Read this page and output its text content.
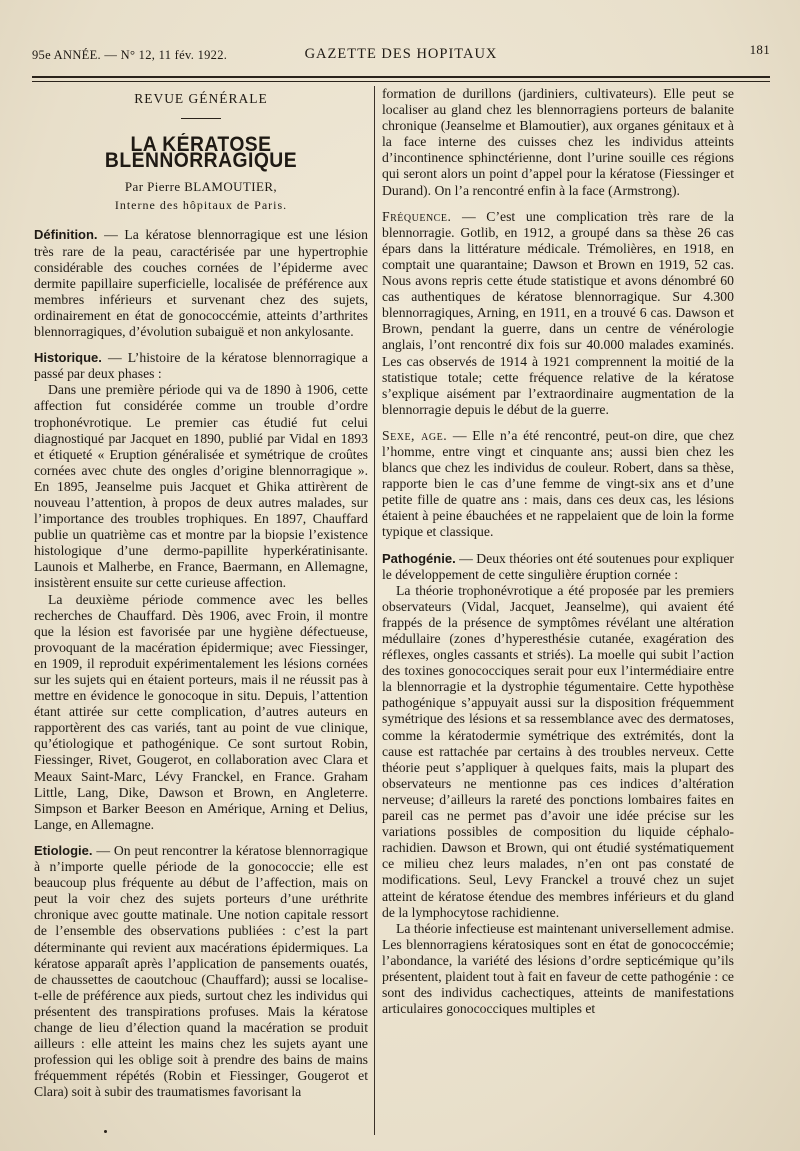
95e ANNÉE. — N° 12, 11 fév. 1922.	GAZETTE DES HOPITAUX	181
REVUE GÉNÉRALE
LA KÉRATOSE BLENNORRAGIQUE
Par Pierre BLAMOUTIER,
Interne des hôpitaux de Paris.

Définition. — La kératose blennorragique est une lésion très rare de la peau, caractérisée par une hypertrophie considérable des couches cornées de l’épiderme avec dermite papillaire superficielle, localisée de préférence aux membres inférieurs et survenant chez des sujets, ordinairement en état de gonococcémie, atteints d’arthrites blennorragiques, d’évolution subaiguë et non ankylosante.

Historique. — L’histoire de la kératose blennorragique a passé par deux phases :

Dans une première période qui va de 1890 à 1906, cette affection fut considérée comme un trouble d’ordre trophonévrotique. Le premier cas étudié fut celui diagnostiqué par Jacquet en 1890, publié par Vidal en 1893 et étiqueté « Eruption généralisée et symétrique de croûtes cornées avec chute des ongles d’origine blennorragique ». En 1895, Jeanselme puis Jacquet et Ghika attirèrent de nouveau l’attention, à propos de deux autres malades, sur l’importance des troubles trophiques. En 1897, Chauffard publie un quatrième cas et montre par la biopsie l’existence histologique d’une dermo-papillite hyperkératinisante. Launois et Malherbe, en France, Baermann, en Allemagne, insistèrent ensuite sur cette curieuse affection.

La deuxième période commence avec les belles recherches de Chauffard. Dès 1906, avec Froin, il montre que la lésion est favorisée par une hygiène défectueuse, provoquant de la macération épidermique; avec Fiessinger, en 1909, il reproduit expérimentalement les lésions cornées sur les sujets qui en étaient porteurs, mais il ne réussit pas à mettre en évidence le gonocoque in situ. Depuis, l’attention étant attirée sur cette complication, d’autres auteurs en rapportèrent des cas variés, tant au point de vue clinique, qu’étiologique et pathogénique. Ce sont surtout Robin, Fiessinger, Rivet, Gougerot, en collaboration avec Clara et Meaux Saint-Marc, Lévy Franckel, en France. Graham Little, Lang, Dike, Dawson et Brown, en Angleterre. Simpson et Barker Beeson en Amérique, Arning et Delius, Lange, en Allemagne.

Etiologie. — On peut rencontrer la kératose blennorragique à n’importe quelle période de la gonococcie; elle est beaucoup plus fréquente au début de l’affection, mais on peut la voir chez des sujets porteurs d’une uréthrite chronique avec goutte matinale. Une notion capitale ressort de l’ensemble des observations publiées : c’est la part déterminante qui revient aux macérations épidermiques. La kératose apparaît après l’application de pansements ouatés, de chaussettes de caoutchouc (Chauffard); aussi se localise-t-elle de préférence aux pieds, surtout chez les individus qui présentent des transpirations profuses. Mais la kératose change de lieu d’élection quand la macération se produit ailleurs : elle atteint les mains chez les sujets ayant une profession qui les oblige soit à prendre des bains de mains fréquemment répétés (Robin et Fiessinger, Gougerot et Clara) soit à subir des traumatismes favorisant la

formation de durillons (jardiniers, cultivateurs). Elle peut se localiser au gland chez les blennorragiens porteurs de balanite chronique (Jeanselme et Blamoutier), aux organes génitaux et à la face interne des cuisses chez les individus atteints d’incontinence sphinctérienne, dont l’urine souille ces régions qui seront alors un point d’appel pour la kératose (Fiessinger et Durand). On l’a rencontré enfin à la face (Armstrong).

Fréquence. — C’est une complication très rare de la blennorragie. Gotlib, en 1912, a groupé dans sa thèse 26 cas épars dans la littérature médicale. Trémolières, en 1918, en comptait une quarantaine; Dawson et Brown en 1919, 52 cas. Nous avons repris cette étude statistique et avons dénombré 60 cas authentiques de kératose blennorragique. Sur 4.300 blennorragiques, Arning, en 1911, en a trouvé 6 cas. Dawson et Brown, pendant la guerre, dans un centre de vénérologie anglais, l’ont rencontré dix fois sur 40.000 malades examinés. Les cas observés de 1914 à 1921 comprennent la moitié de la statistique totale; cette fréquence relative de la kératose s’explique aisément par l’extraordinaire augmentation de la blennorragie depuis le début de la guerre.

Sexe, age. — Elle n’a été rencontré, peut-on dire, que chez l’homme, entre vingt et cinquante ans; aussi bien chez les blancs que chez les individus de couleur. Robert, dans sa thèse, rapporte bien le cas d’une femme de vingt-six ans et d’une petite fille de quatre ans : mais, dans ces deux cas, les lésions étaient à peine ébauchées et ne rappelaient que de loin la forme typique et classique.

Pathogénie. — Deux théories ont été soutenues pour expliquer le développement de cette singulière éruption cornée :

La théorie trophonévrotique a été proposée par les premiers observateurs (Vidal, Jacquet, Jeanselme), qui avaient été frappés de la présence de symptômes révélant une altération médullaire (zones d’hyperesthésie cutanée, exagération des réflexes, ongles cassants et striés). La moelle qui subit l’action des toxines gonococciques serait pour eux l’intermédiaire entre la blennorragie et la dystrophie tégumentaire. Cette hypothèse pathogénique s’appuyait aussi sur la disposition fréquemment symétrique des lésions et sa ressemblance avec des dermatoses, comme la kératodermie symétrique des extrémités, dont la cause est rattachée par certains à des troubles nerveux. Cette théorie peut s’appliquer à quelques faits, mais la plupart des observateurs ne mentionne pas ces indices d’altération nerveuse; d’ailleurs la rareté des ponctions lombaires faites en pareil cas ne permet pas d’avoir une idée précise sur les variations possibles de composition du liquide céphalo-rachidien. Dawson et Brown, qui ont étudié systématiquement ce milieu chez leurs malades, n’en ont pas constaté de modifications. Seul, Levy Franckel a trouvé chez un sujet atteint de kératose étendue des membres inférieurs et du gland de la lymphocytose rachidienne.

La théorie infectieuse est maintenant universellement admise. Les blennorragiens kératosiques sont en état de gonococcémie; l’abondance, la variété des lésions d’ordre septicémique qu’ils présentent, plaident tout à fait en faveur de cette pathogénie : ce sont des individus cachectiques, atteints de manifestations articulaires gonococciques multiples et
